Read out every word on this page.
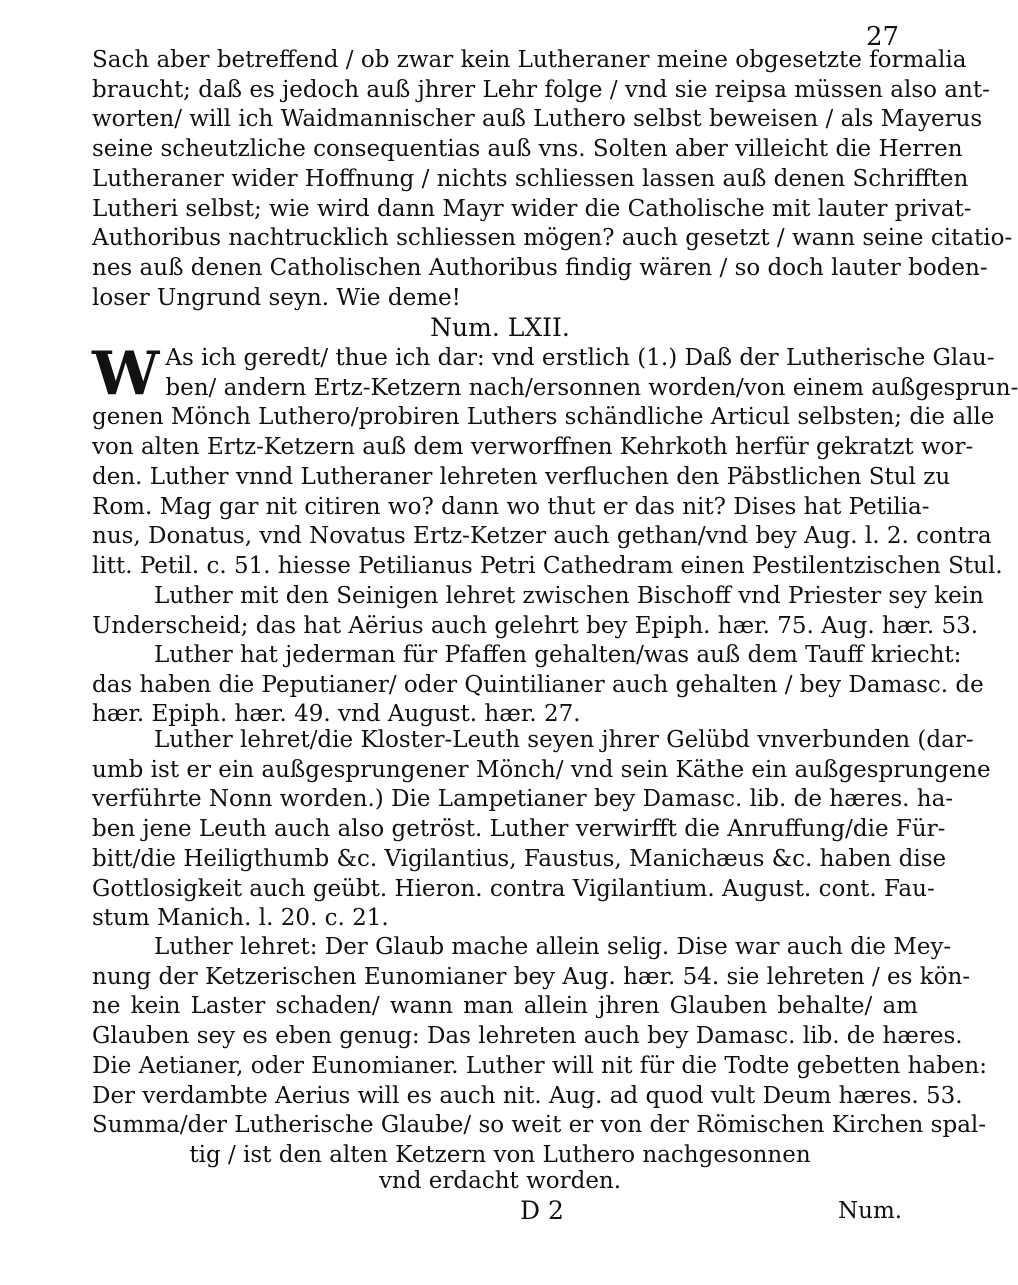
27
Sach aber betreffend / ob zwar kein Lutheraner meine obgesetzte formalia
braucht; daß es jedoch auß jhrer Lehr folge / vnd sie reipsa müssen also ant-
worten/ will ich Waidmannischer auß Luthero selbst beweisen / als Mayerus
seine scheutzliche consequentias auß vns. Solten aber villeicht die Herren
Lutheraner wider Hoffnung / nichts schliessen lassen auß denen Schrifften
Lutheri selbst; wie wird dann Mayr wider die Catholische mit lauter privat-
Authoribus nachtrucklich schliessen mögen? auch gesetzt / wann seine citatio-
nes auß denen Catholischen Authoribus findig wären / so doch lauter boden-
loser Ungrund seyn. Wie deme!
Num. LXII.
W As ich geredt/ thue ich dar: vnd erstlich (1.) Daß der Lutherische Glau-
ben/ andern Ertz-Ketzern nach/ersonnen worden/von einem außgesprun-
genen Mönch Luthero/probiren Luthers schändliche Articul selbsten; die alle
von alten Ertz-Ketzern auß dem verworffnen Kehrkoth herfür gekratzt wor-
den. Luther vnnd Lutheraner lehreten verfluchen den Päbstlichen Stul zu
Rom. Mag gar nit citiren wo? dann wo thut er das nit? Dises hat Petilia-
nus, Donatus, vnd Novatus Ertz-Ketzer auch gethan/vnd bey Aug. l. 2. contra
litt. Petil. c. 51. hiesse Petilianus Petri Cathedram einen Pestilentzischen Stul.
Luther mit den Seinigen lehret zwischen Bischoff vnd Priester sey kein
Underscheid; das hat Aërius auch gelehrt bey Epiph. hær. 75. Aug. hær. 53.
Luther hat jederman für Pfaffen gehalten/was auß dem Tauff kriecht:
das haben die Peputianer/ oder Quintilianer auch gehalten / bey Damasc. de
hær. Epiph. hær. 49. vnd August. hær. 27.
Luther lehret/die Kloster-Leuth seyen jhrer Gelübd vnverbunden (dar-
umb ist er ein außgesprungener Mönch/ vnd sein Käthe ein außgesprungene
verführte Nonn worden.) Die Lampetianer bey Damasc. lib. de hæres. ha-
ben jene Leuth auch also getröst. Luther verwirfft die Anruffung/die Für-
bitt/die Heiligthumb &c. Vigilantius, Faustus, Manichæus &c. haben dise
Gottlosigkeit auch geübt. Hieron. contra Vigilantium. August. cont. Fau-
stum Manich. l. 20. c. 21.
Luther lehret: Der Glaub mache allein selig. Dise war auch die Mey-
nung der Ketzerischen Eunomianer bey Aug. hær. 54. sie lehreten / es kön-
ne kein Laster schaden/ wann man allein jhren Glauben behalte/ am
Glauben sey es eben genug: Das lehreten auch bey Damasc. lib. de hæres.
Die Aetianer, oder Eunomianer. Luther will nit für die Todte gebetten haben:
Der verdambte Aerius will es auch nit. Aug. ad quod vult Deum hæres. 53.
Summa/der Lutherische Glaube/ so weit er von der Römischen Kirchen spal-
tig / ist den alten Ketzern von Luthero nachgesonnen
vnd erdacht worden.
D 2	Num.
